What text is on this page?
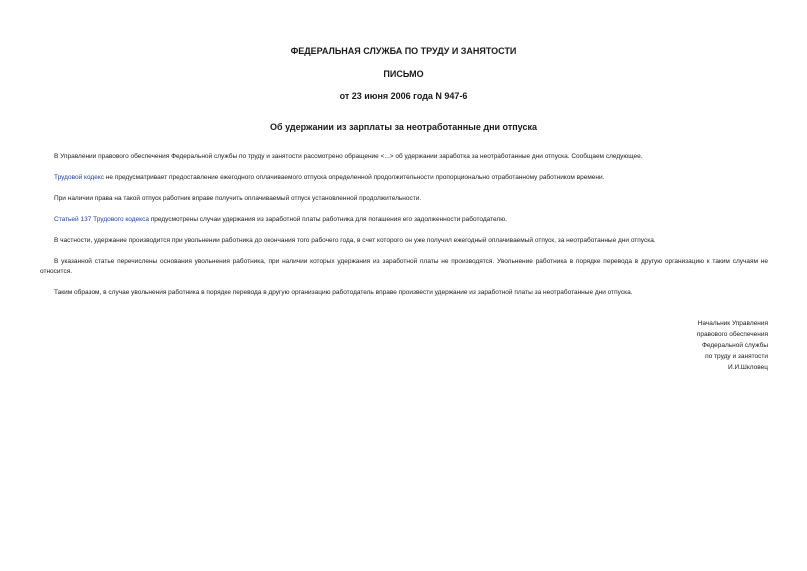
ФЕДЕРАЛЬНАЯ СЛУЖБА ПО ТРУДУ И ЗАНЯТОСТИ
ПИСЬМО
от 23 июня 2006 года N 947-6
Об удержании из зарплаты за неотработанные дни отпуска

В Управлении правового обеспечения Федеральной службы по труду и занятости рассмотрено обращение <...> об удержании заработка за неотработанные дни отпуска. Сообщаем следующее.

Трудовой кодекс не предусматривает предоставление ежегодного оплачиваемого отпуска определенной продолжительности пропорционально отработанному работником времени.

При наличии права на такой отпуск работник вправе получить оплачиваемый отпуск установленной продолжительности.

Статьей 137 Трудового кодекса предусмотрены случаи удержания из заработной платы работника для погашения его задолженности работодателю.

В частности, удержание производится при увольнении работника до окончания того рабочего года, в счет которого он уже получил ежегодный оплачиваемый отпуск, за неотработанные дни отпуска.

В указанной статье перечислены основания увольнения работника, при наличии которых удержания из заработной платы не производятся. Увольнение работника в порядке перевода в другую организацию к таким случаям не относится.

Таким образом, в случае увольнения работника в порядке перевода в другую организацию работодатель вправе произвести удержание из заработной платы за неотработанные дни отпуска.

Начальник Управления
правового обеспечения
Федеральной службы
по труду и занятости
И.И.Шкловец
